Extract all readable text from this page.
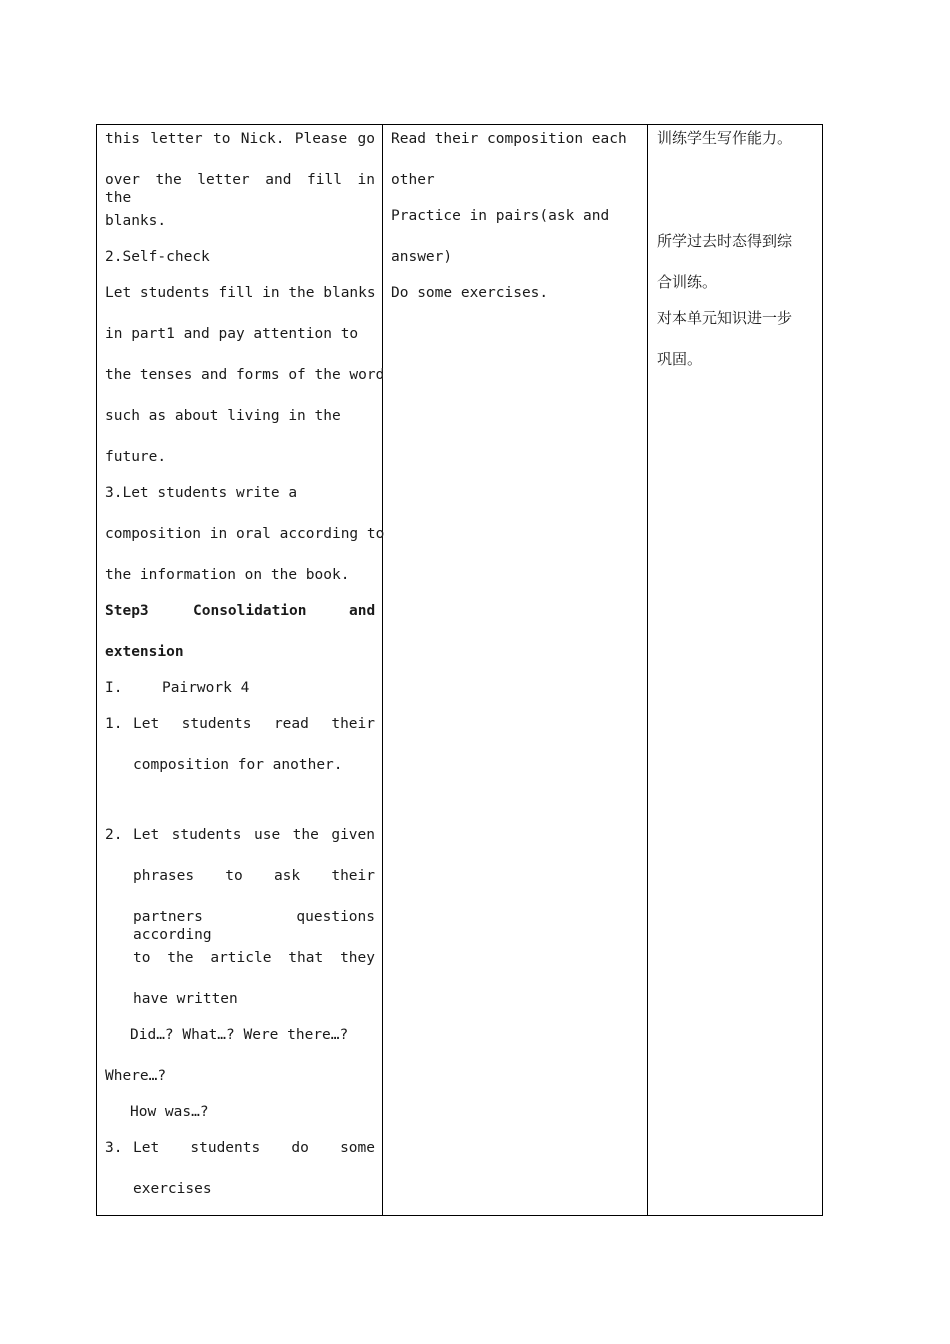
this letter to Nick. Please go
over the letter and fill in the
blanks.
2.Self-check
Let students fill in the blanks
in part1 and pay attention to
the tenses and forms of the word
such as about living in the
future.
3.Let students write a
composition in oral according to
the information on the book.
Step3	Consolidation	and
extension
I.	Pairwork 4
1. Let students read their
composition for another.
2. Let students use the given
phrases to ask their
partners questions according
to the article that they
have written
Did…? What…? Were there…?
Where…?
How was…?
3. Let students do some
exercises

Read their composition each
other
Practice in pairs(ask and
answer)
Do some exercises.

训练学生写作能力。
所学过去时态得到综
合训练。
对本单元知识进一步
巩固。
